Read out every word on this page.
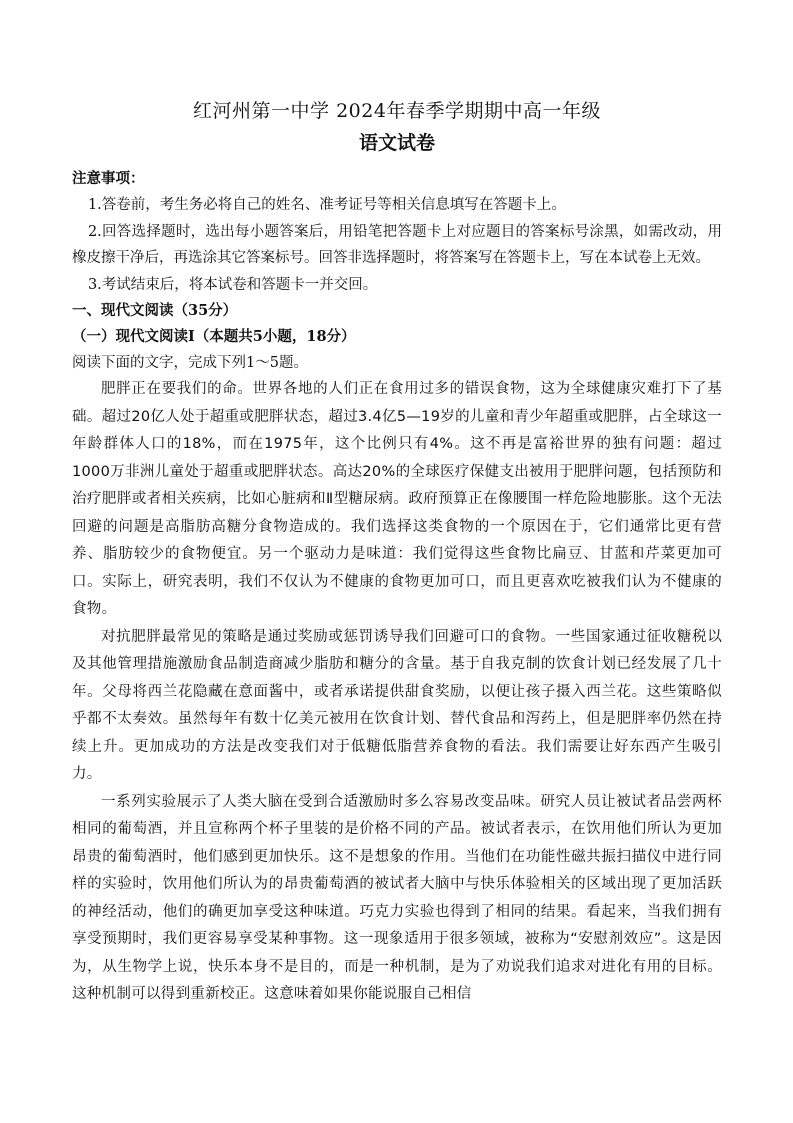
红河州第一中学 2024年春季学期期中高一年级
语文试卷

注意事项：

1.答卷前，考生务必将自己的姓名、准考证号等相关信息填写在答题卡上。

2.回答选择题时，选出每小题答案后，用铅笔把答题卡上对应题目的答案标号涂黑，如需改动，用橡皮擦干净后，再选涂其它答案标号。回答非选择题时，将答案写在答题卡上，写在本试卷上无效。

3.考试结束后，将本试卷和答题卡一并交回。

一、现代文阅读（35分）

（一）现代文阅读Ⅰ（本题共5小题，18分）

阅读下面的文字，完成下列1～5题。

肥胖正在要我们的命。世界各地的人们正在食用过多的错误食物，这为全球健康灾难打下了基础。超过20亿人处于超重或肥胖状态，超过3.4亿5—19岁的儿童和青少年超重或肥胖，占全球这一年龄群体人口的18%，而在1975年，这个比例只有4%。这不再是富裕世界的独有问题：超过1000万非洲儿童处于超重或肥胖状态。高达20%的全球医疗保健支出被用于肥胖问题，包括预防和治疗肥胖或者相关疾病，比如心脏病和Ⅱ型糖尿病。政府预算正在像腰围一样危险地膨胀。这个无法回避的问题是高脂肪高糖分食物造成的。我们选择这类食物的一个原因在于，它们通常比更有营养、脂肪较少的食物便宜。另一个驱动力是味道：我们觉得这些食物比扁豆、甘蓝和芹菜更加可口。实际上，研究表明，我们不仅认为不健康的食物更加可口，而且更喜欢吃被我们认为不健康的食物。

对抗肥胖最常见的策略是通过奖励或惩罚诱导我们回避可口的食物。一些国家通过征收糖税以及其他管理措施激励食品制造商减少脂肪和糖分的含量。基于自我克制的饮食计划已经发展了几十年。父母将西兰花隐藏在意面酱中，或者承诺提供甜食奖励，以便让孩子摄入西兰花。这些策略似乎都不太奏效。虽然每年有数十亿美元被用在饮食计划、替代食品和泻药上，但是肥胖率仍然在持续上升。更加成功的方法是改变我们对于低糖低脂营养食物的看法。我们需要让好东西产生吸引力。

一系列实验展示了人类大脑在受到合适激励时多么容易改变品味。研究人员让被试者品尝两杯相同的葡萄酒，并且宣称两个杯子里装的是价格不同的产品。被试者表示，在饮用他们所认为更加昂贵的葡萄酒时，他们感到更加快乐。这不是想象的作用。当他们在功能性磁共振扫描仪中进行同样的实验时，饮用他们所认为的昂贵葡萄酒的被试者大脑中与快乐体验相关的区域出现了更加活跃的神经活动，他们的确更加享受这种味道。巧克力实验也得到了相同的结果。看起来，当我们拥有享受预期时，我们更容易享受某种事物。这一现象适用于很多领域，被称为“安慰剂效应”。这是因为，从生物学上说，快乐本身不是目的，而是一种机制，是为了劝说我们追求对进化有用的目标。这种机制可以得到重新校正。这意味着如果你能说服自己相信
